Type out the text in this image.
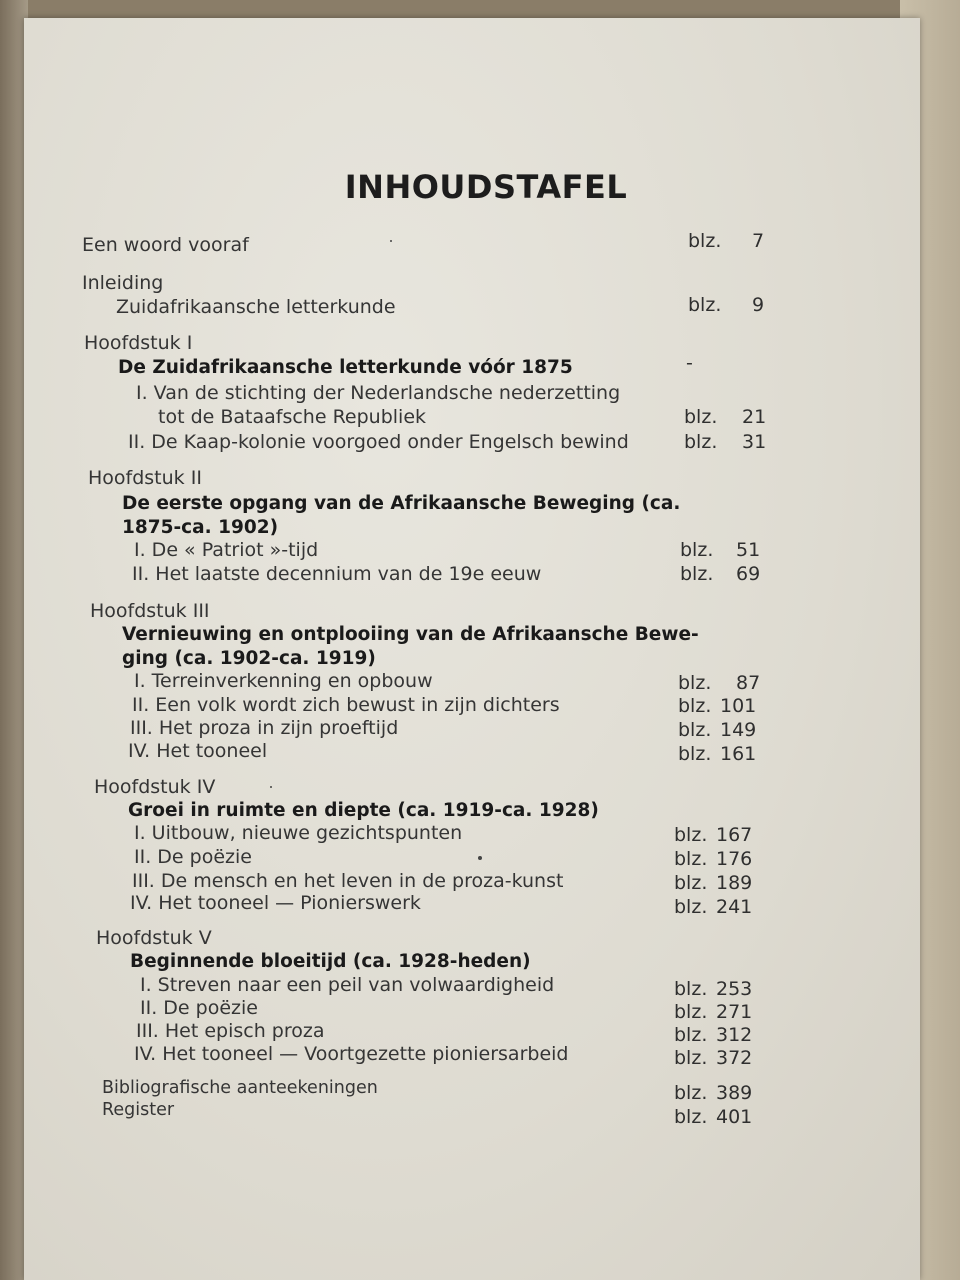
INHOUDSTAFEL
Een woord vooraf	blz. 7
Inleiding
Zuidafrikaansche letterkunde	blz. 9
Hoofdstuk I
De Zuidafrikaansche letterkunde vóór 1875	-
I. Van de stichting der Nederlandsche nederzetting
tot de Bataafsche Republiek	blz. 21
II. De Kaap-kolonie voorgoed onder Engelsch bewind	blz. 31
Hoofdstuk II
De eerste opgang van de Afrikaansche Beweging (ca.
1875-ca. 1902)
I. De « Patriot »-tijd	blz. 51
II. Het laatste decennium van de 19e eeuw	blz. 69
Hoofdstuk III
Vernieuwing en ontplooiing van de Afrikaansche Bewe-
ging (ca. 1902-ca. 1919)
I. Terreinverkenning en opbouw	blz. 87
II. Een volk wordt zich bewust in zijn dichters	blz. 101
III. Het proza in zijn proeftijd	blz. 149
IV. Het tooneel	blz. 161
Hoofdstuk IV
Groei in ruimte en diepte (ca. 1919-ca. 1928)
I. Uitbouw, nieuwe gezichtspunten	blz. 167
II. De poëzie	blz. 176
III. De mensch en het leven in de proza-kunst	blz. 189
IV. Het tooneel — Pionierswerk	blz. 241
Hoofdstuk V
Beginnende bloeitijd (ca. 1928-heden)
I. Streven naar een peil van volwaardigheid	blz. 253
II. De poëzie	blz. 271
III. Het episch proza	blz. 312
IV. Het tooneel — Voortgezette pioniersarbeid	blz. 372
Bibliografische aanteekeningen	blz. 389
Register	blz. 401
